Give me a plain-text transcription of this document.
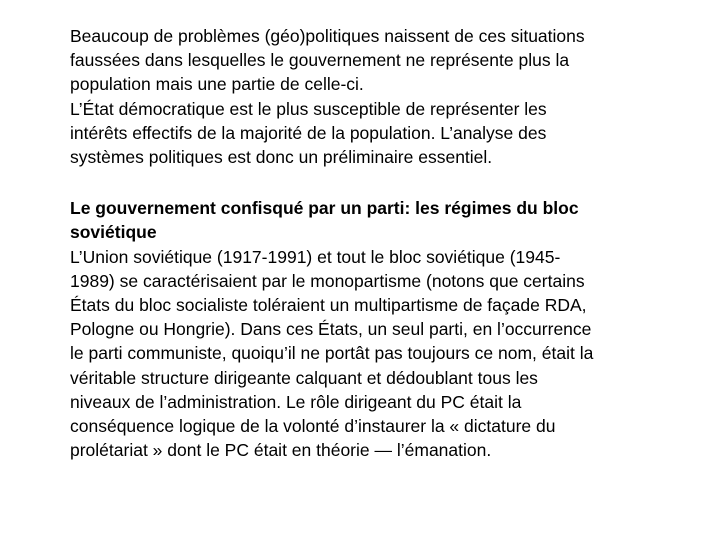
Beaucoup de problèmes (géo)politiques naissent de ces situations
faussées dans lesquelles le gouvernement ne représente plus la
population mais une partie de celle-ci.
L’État démocratique est le plus susceptible de représenter les
intérêts effectifs de la majorité de la population. L’analyse des
systèmes politiques est donc un préliminaire essentiel.
Le gouvernement confisqué par un parti: les régimes du bloc
soviétique
L’Union soviétique (1917-1991) et tout le bloc soviétique (1945-
1989) se caractérisaient par le monopartisme (notons que certains
États du bloc socialiste toléraient un multipartisme de façade RDA,
Pologne ou Hongrie). Dans ces États, un seul parti, en l’occurrence
le parti communiste, quoiqu’il ne portât pas toujours ce nom, était la
véritable structure dirigeante calquant et dédoublant tous les
niveaux de l’administration. Le rôle dirigeant du PC était la
conséquence logique de la volonté d’instaurer la « dictature du
prolétariat » dont le PC était en théorie — l’émanation.
